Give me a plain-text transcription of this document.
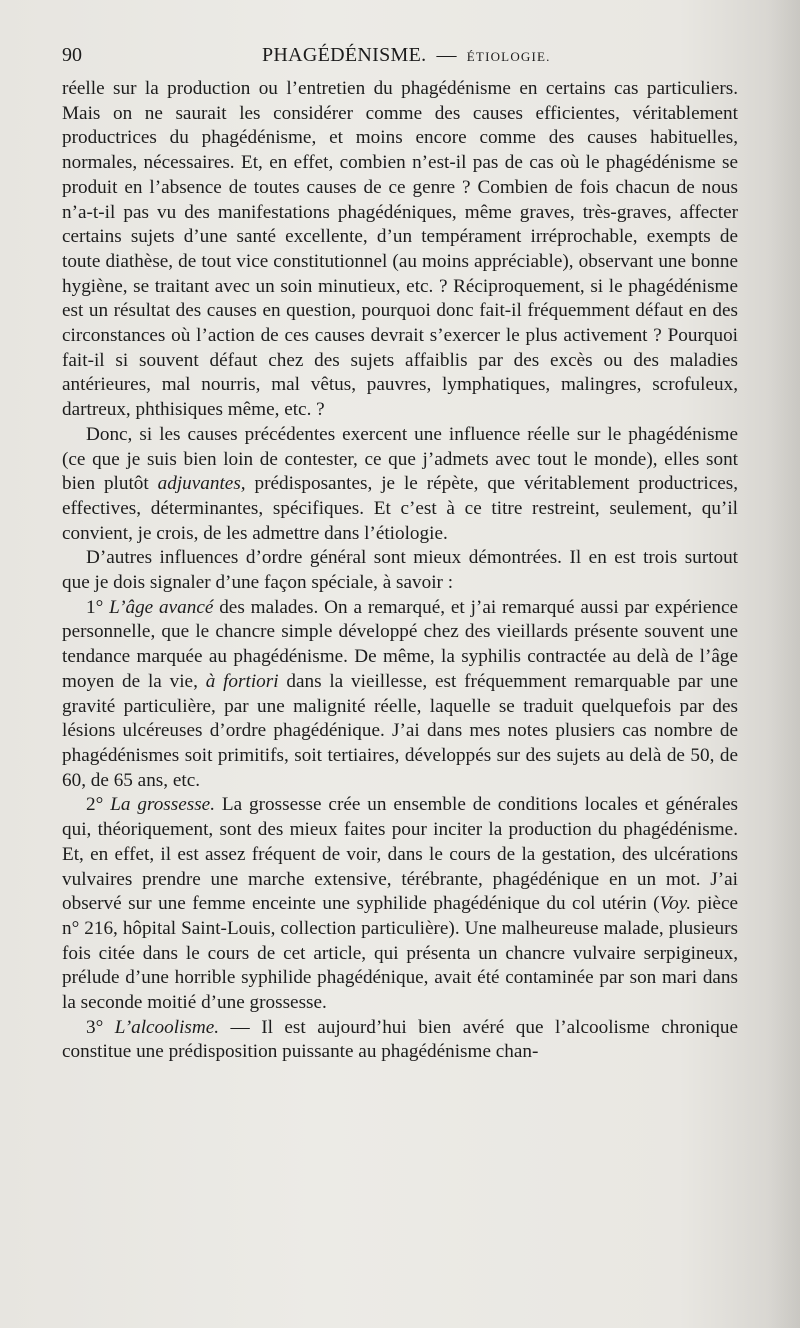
90	PHAGÉDÉNISME. — ÉTIOLOGIE.

réelle sur la production ou l’entretien du phagédénisme en certains cas particuliers. Mais on ne saurait les considérer comme des causes efficientes, véritablement productrices du phagédénisme, et moins encore comme des causes habituelles, normales, nécessaires. Et, en effet, combien n’est-il pas de cas où le phagédénisme se produit en l’absence de toutes causes de ce genre ? Combien de fois chacun de nous n’a-t-il pas vu des manifestations phagédéniques, même graves, très-graves, affecter certains sujets d’une santé excellente, d’un tempérament irréprochable, exempts de toute diathèse, de tout vice constitutionnel (au moins appréciable), observant une bonne hygiène, se traitant avec un soin minutieux, etc. ? Réciproquement, si le phagédénisme est un résultat des causes en question, pourquoi donc fait-il fréquemment défaut en des circonstances où l’action de ces causes devrait s’exercer le plus activement ? Pourquoi fait-il si souvent défaut chez des sujets affaiblis par des excès ou des maladies antérieures, mal nourris, mal vêtus, pauvres, lymphatiques, malingres, scrofuleux, dartreux, phthisiques même, etc. ?

Donc, si les causes précédentes exercent une influence réelle sur le phagédénisme (ce que je suis bien loin de contester, ce que j’admets avec tout le monde), elles sont bien plutôt adjuvantes, prédisposantes, je le répète, que véritablement productrices, effectives, déterminantes, spécifiques. Et c’est à ce titre restreint, seulement, qu’il convient, je crois, de les admettre dans l’étiologie.

D’autres influences d’ordre général sont mieux démontrées. Il en est trois surtout que je dois signaler d’une façon spéciale, à savoir :

1° L’âge avancé des malades. On a remarqué, et j’ai remarqué aussi par expérience personnelle, que le chancre simple développé chez des vieillards présente souvent une tendance marquée au phagédénisme. De même, la syphilis contractée au delà de l’âge moyen de la vie, à fortiori dans la vieillesse, est fréquemment remarquable par une gravité particulière, par une malignité réelle, laquelle se traduit quelquefois par des lésions ulcéreuses d’ordre phagédénique. J’ai dans mes notes plusiers cas nombre de phagédénismes soit primitifs, soit tertiaires, développés sur des sujets au delà de 50, de 60, de 65 ans, etc.

2° La grossesse. La grossesse crée un ensemble de conditions locales et générales qui, théoriquement, sont des mieux faites pour inciter la production du phagédénisme. Et, en effet, il est assez fréquent de voir, dans le cours de la gestation, des ulcérations vulvaires prendre une marche extensive, térébrante, phagédénique en un mot. J’ai observé sur une femme enceinte une syphilide phagédénique du col utérin (Voy. pièce n° 216, hôpital Saint-Louis, collection particulière). Une malheureuse malade, plusieurs fois citée dans le cours de cet article, qui présenta un chancre vulvaire serpigineux, prélude d’une horrible syphilide phagédénique, avait été contaminée par son mari dans la seconde moitié d’une grossesse.

3° L’alcoolisme. — Il est aujourd’hui bien avéré que l’alcoolisme chronique constitue une prédisposition puissante au phagédénisme chan-
